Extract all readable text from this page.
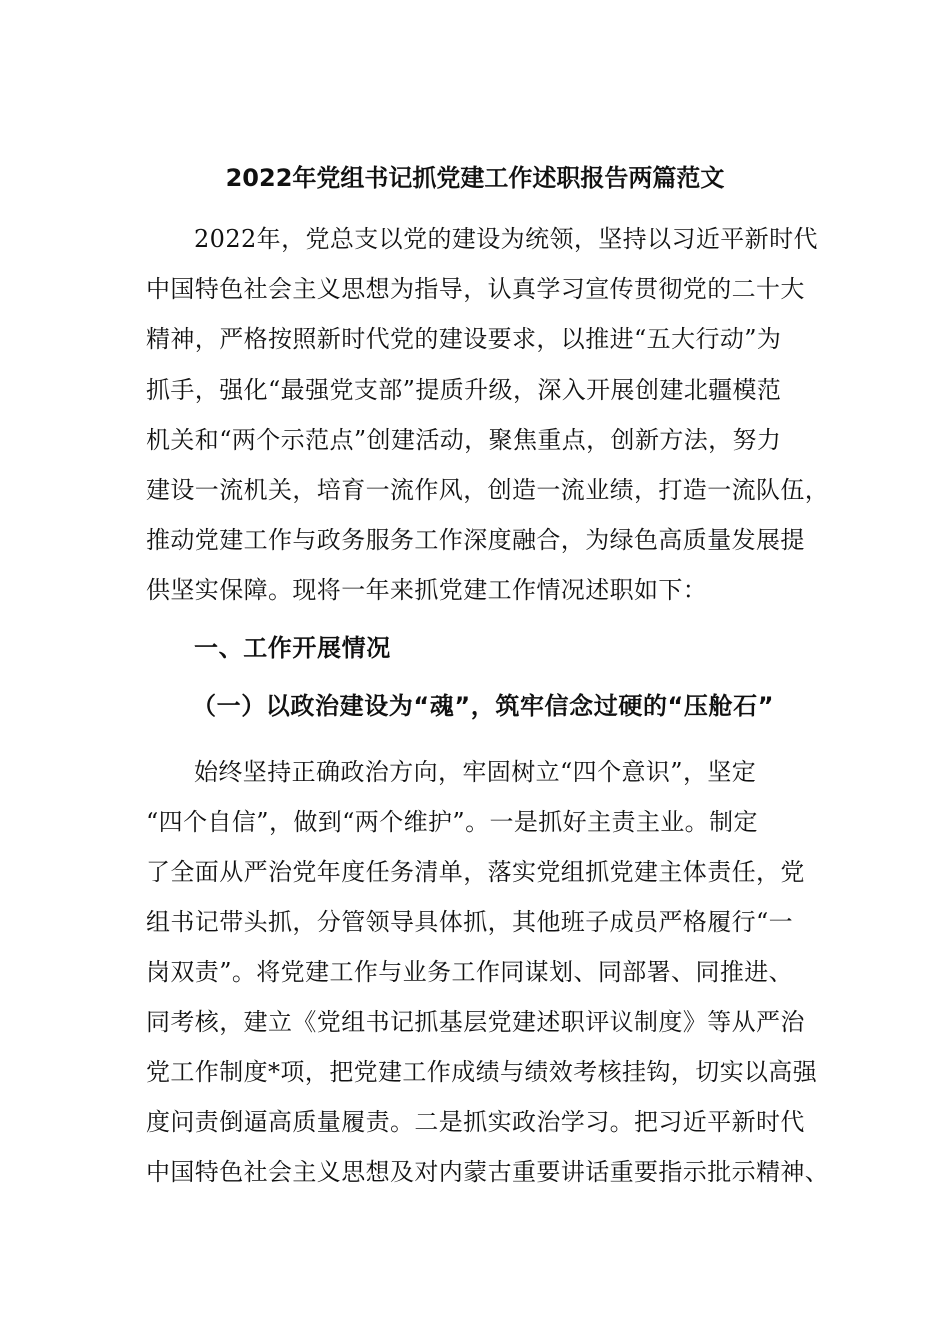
2022年党组书记抓党建工作述职报告两篇范文
2022年，党总支以党的建设为统领，坚持以习近平新时代
中国特色社会主义思想为指导，认真学习宣传贯彻党的二十大
精神，严格按照新时代党的建设要求，以推进“五大行动”为
抓手，强化“最强党支部”提质升级，深入开展创建北疆模范
机关和“两个示范点”创建活动，聚焦重点，创新方法，努力
建设一流机关，培育一流作风，创造一流业绩，打造一流队伍，
推动党建工作与政务服务工作深度融合，为绿色高质量发展提
供坚实保障。现将一年来抓党建工作情况述职如下：
一、工作开展情况
（一）以政治建设为“魂”，筑牢信念过硬的“压舱石”
始终坚持正确政治方向，牢固树立“四个意识”，坚定
“四个自信”，做到“两个维护”。一是抓好主责主业。制定
了全面从严治党年度任务清单，落实党组抓党建主体责任，党
组书记带头抓，分管领导具体抓，其他班子成员严格履行“一
岗双责”。将党建工作与业务工作同谋划、同部署、同推进、
同考核，建立《党组书记抓基层党建述职评议制度》等从严治
党工作制度*项，把党建工作成绩与绩效考核挂钩，切实以高强
度问责倒逼高质量履责。二是抓实政治学习。把习近平新时代
中国特色社会主义思想及对内蒙古重要讲话重要指示批示精神、
